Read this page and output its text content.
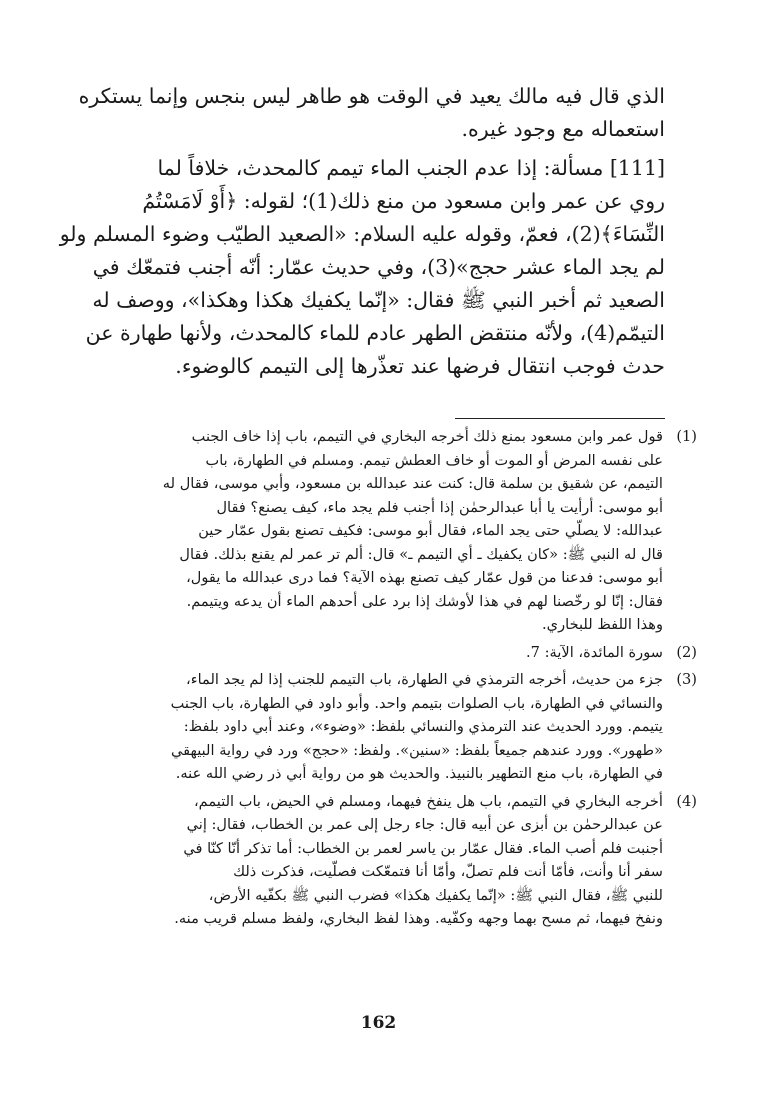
الذي قال فيه مالك يعيد في الوقت هو طاهر ليس بنجس وإنما يستكره
استعماله مع وجود غيره.
[111] مسألة: إذا عدم الجنب الماء تيمم كالمحدث، خلافاً لما
روي عن عمر وابن مسعود من منع ذلك(1)؛ لقوله: ﴿أَوْ لَامَسْتُمُ
النِّسَاءَ﴾(2)، فعمّ، وقوله عليه السلام: «الصعيد الطيّب وضوء المسلم ولو
لم يجد الماء عشر حجج»(3)، وفي حديث عمّار: أنّه أجنب فتمعّك في
الصعيد ثم أخبر النبي ﷺ فقال: «إنّما يكفيك هكذا وهكذا»، ووصف له
التيمّم(4)، ولأنّه منتقض الطهر عادم للماء كالمحدث، ولأنها طهارة عن
حدث فوجب انتقال فرضها عند تعذّرها إلى التيمم كالوضوء.
(1)
قول عمر وابن مسعود بمنع ذلك أخرجه البخاري في التيمم، باب إذا خاف الجنب
على نفسه المرض أو الموت أو خاف العطش تيمم. ومسلم في الطهارة، باب
التيمم، عن شقيق بن سلمة قال: كنت عند عبدالله بن مسعود، وأبي موسى، فقال له
أبو موسى: أرأيت يا أبا عبدالرحمٰن إذا أجنب فلم يجد ماء، كيف يصنع؟ فقال
عبدالله: لا يصلّي حتى يجد الماء، فقال أبو موسى: فكيف تصنع بقول عمّار حين
قال له النبي ﷺ: «كان يكفيك ـ أي التيمم ـ» قال: ألم تر عمر لم يقنع بذلك. فقال
أبو موسى: فدعنا من قول عمّار كيف تصنع بهذه الآية؟ فما درى عبدالله ما يقول،
فقال: إنّا لو رخّصنا لهم في هذا لأوشك إذا برد على أحدهم الماء أن يدعه ويتيمم.
وهذا اللفظ للبخاري.
(2)
سورة المائدة، الآية: 7.
(3)
جزء من حديث، أخرجه الترمذي في الطهارة، باب التيمم للجنب إذا لم يجد الماء،
والنسائي في الطهارة، باب الصلوات بتيمم واحد. وأبو داود في الطهارة، باب الجنب
يتيمم. وورد الحديث عند الترمذي والنسائي بلفظ: «وضوء»، وعند أبي داود بلفظ:
«طهور». وورد عندهم جميعاً بلفظ: «سنين». ولفظ: «حجج» ورد في رواية البيهقي
في الطهارة، باب منع التطهير بالنبيذ. والحديث هو من رواية أبي ذر رضي الله عنه.
(4)
أخرجه البخاري في التيمم، باب هل ينفخ فيهما، ومسلم في الحيض، باب التيمم،
عن عبدالرحمٰن بن أبزى عن أبيه قال: جاء رجل إلى عمر بن الخطاب، فقال: إني
أجنبت فلم أصب الماء. فقال عمّار بن ياسر لعمر بن الخطاب: أما تذكر أنّا كنّا في
سفر أنا وأنت، فأمّا أنت فلم تصلّ، وأمّا أنا فتمعّكت فصلّيت، فذكرت ذلك
للنبي ﷺ، فقال النبي ﷺ: «إنّما يكفيك هكذا» فضرب النبي ﷺ بكفّيه الأرض،
ونفخ فيهما، ثم مسح بهما وجهه وكفّيه. وهذا لفظ البخاري، ولفظ مسلم قريب منه.
162
